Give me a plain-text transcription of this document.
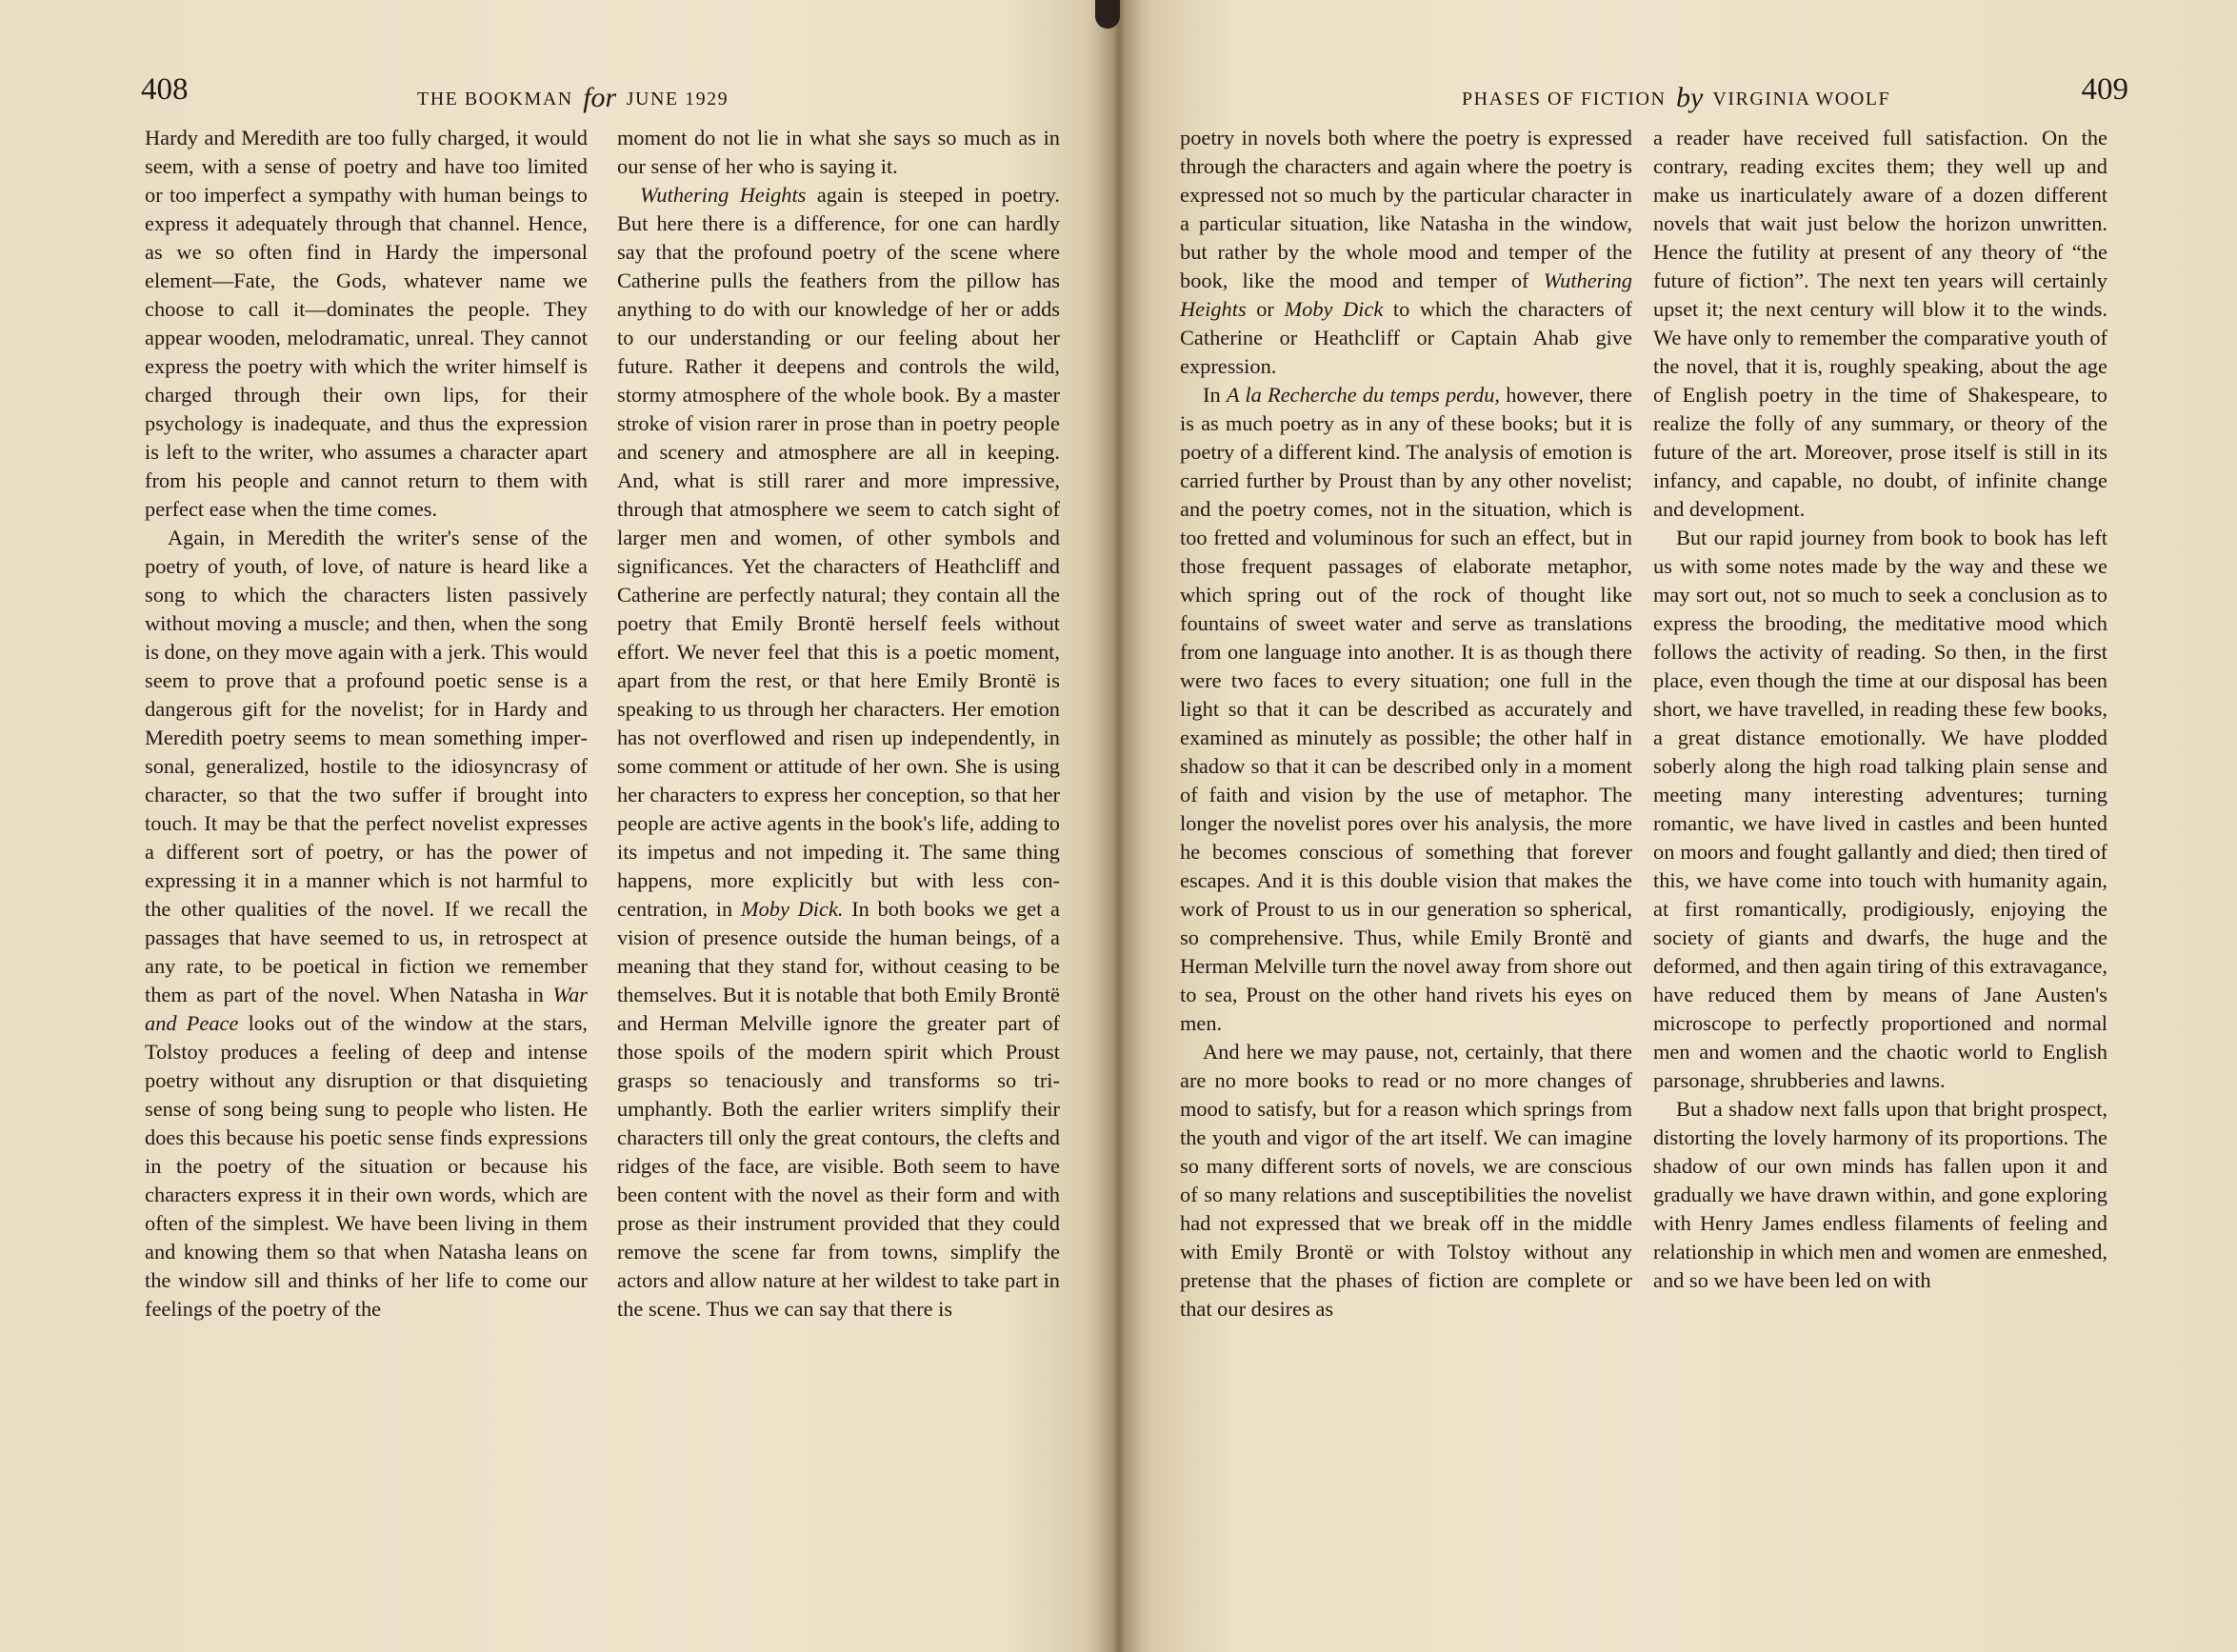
408	THE BOOKMAN for JUNE 1929

Hardy and Meredith are too fully charged, it would seem, with a sense of poetry and have too limited or too imperfect a sympathy with human beings to express it adequately through that channel. Hence, as we so often find in Hardy the impersonal element—Fate, the Gods, whatever name we choose to call it—dominates the people. They appear wooden, melodramatic, unreal. They cannot express the poetry with which the writer himself is charged through their own lips, for their psychology is inadequate, and thus the expression is left to the writer, who assumes a character apart from his people and cannot return to them with perfect ease when the time comes.

Again, in Meredith the writer's sense of the poetry of youth, of love, of nature is heard like a song to which the characters listen passively without moving a muscle; and then, when the song is done, on they move again with a jerk. This would seem to prove that a profound poetic sense is a dangerous gift for the novelist; for in Hardy and Meredith poetry seems to mean something impersonal, generalized, hostile to the idiosyncrasy of character, so that the two suffer if brought into touch. It may be that the perfect novelist expresses a different sort of poetry, or has the power of expressing it in a manner which is not harmful to the other qualities of the novel. If we recall the passages that have seemed to us, in retrospect at any rate, to be poetical in fiction we remember them as part of the novel. When Natasha in War and Peace looks out of the window at the stars, Tolstoy produces a feeling of deep and intense poetry without any disruption or that disquieting sense of song being sung to people who listen. He does this because his poetic sense finds expressions in the poetry of the situation or because his characters express it in their own words, which are often of the simplest. We have been living in them and knowing them so that when Natasha leans on the window sill and thinks of her life to come our feelings of the poetry of the

moment do not lie in what she says so much as in our sense of her who is saying it.

Wuthering Heights again is steeped in poetry. But here there is a difference, for one can hardly say that the profound poetry of the scene where Catherine pulls the feathers from the pillow has anything to do with our knowledge of her or adds to our understanding or our feeling about her future. Rather it deepens and controls the wild, stormy atmosphere of the whole book. By a master stroke of vision rarer in prose than in poetry people and scenery and atmosphere are all in keeping. And, what is still rarer and more impressive, through that atmosphere we seem to catch sight of larger men and women, of other symbols and significances. Yet the characters of Heathcliff and Catherine are perfectly natural; they contain all the poetry that Emily Brontë herself feels without effort. We never feel that this is a poetic moment, apart from the rest, or that here Emily Brontë is speaking to us through her characters. Her emotion has not overflowed and risen up independently, in some comment or attitude of her own. She is using her characters to express her conception, so that her people are active agents in the book's life, adding to its impetus and not impeding it. The same thing happens, more explicitly but with less concentration, in Moby Dick. In both books we get a vision of presence outside the human beings, of a meaning that they stand for, without ceasing to be themselves. But it is notable that both Emily Brontë and Herman Melville ignore the greater part of those spoils of the modern spirit which Proust grasps so tenaciously and transforms so triumphantly. Both the earlier writers simplify their characters till only the great contours, the clefts and ridges of the face, are visible. Both seem to have been content with the novel as their form and with prose as their instrument provided that they could remove the scene far from towns, simplify the actors and allow nature at her wildest to take part in the scene. Thus we can say that there is

PHASES OF FICTION by VIRGINIA WOOLF	409

poetry in novels both where the poetry is expressed through the characters and again where the poetry is expressed not so much by the particular character in a particular situation, like Natasha in the window, but rather by the whole mood and temper of the book, like the mood and temper of Wuthering Heights or Moby Dick to which the characters of Catherine or Heathcliff or Captain Ahab give expression.

In A la Recherche du temps perdu, however, there is as much poetry as in any of these books; but it is poetry of a different kind. The analysis of emotion is carried further by Proust than by any other novelist; and the poetry comes, not in the situation, which is too fretted and voluminous for such an effect, but in those frequent passages of elaborate metaphor, which spring out of the rock of thought like fountains of sweet water and serve as translations from one language into another. It is as though there were two faces to every situation; one full in the light so that it can be described as accurately and examined as minutely as possible; the other half in shadow so that it can be described only in a moment of faith and vision by the use of metaphor. The longer the novelist pores over his analysis, the more he becomes conscious of something that forever escapes. And it is this double vision that makes the work of Proust to us in our generation so spherical, so comprehensive. Thus, while Emily Brontë and Herman Melville turn the novel away from shore out to sea, Proust on the other hand rivets his eyes on men.

And here we may pause, not, certainly, that there are no more books to read or no more changes of mood to satisfy, but for a reason which springs from the youth and vigor of the art itself. We can imagine so many different sorts of novels, we are conscious of so many relations and susceptibilities the novelist had not expressed that we break off in the middle with Emily Brontë or with Tolstoy without any pretense that the phases of fiction are complete or that our desires as

a reader have received full satisfaction. On the contrary, reading excites them; they well up and make us inarticulately aware of a dozen different novels that wait just below the horizon unwritten. Hence the futility at present of any theory of “the future of fiction”. The next ten years will certainly upset it; the next century will blow it to the winds. We have only to remember the comparative youth of the novel, that it is, roughly speaking, about the age of English poetry in the time of Shakespeare, to realize the folly of any summary, or theory of the future of the art. Moreover, prose itself is still in its infancy, and capable, no doubt, of infinite change and development.

But our rapid journey from book to book has left us with some notes made by the way and these we may sort out, not so much to seek a conclusion as to express the brooding, the meditative mood which follows the activity of reading. So then, in the first place, even though the time at our disposal has been short, we have travelled, in reading these few books, a great distance emotionally. We have plodded soberly along the high road talking plain sense and meeting many interesting adventures; turning romantic, we have lived in castles and been hunted on moors and fought gallantly and died; then tired of this, we have come into touch with humanity again, at first romantically, prodigiously, enjoying the society of giants and dwarfs, the huge and the deformed, and then again tiring of this extravagance, have reduced them by means of Jane Austen's microscope to perfectly proportioned and normal men and women and the chaotic world to English parsonage, shrubberies and lawns.

But a shadow next falls upon that bright prospect, distorting the lovely harmony of its proportions. The shadow of our own minds has fallen upon it and gradually we have drawn within, and gone exploring with Henry James endless filaments of feeling and relationship in which men and women are enmeshed, and so we have been led on with
